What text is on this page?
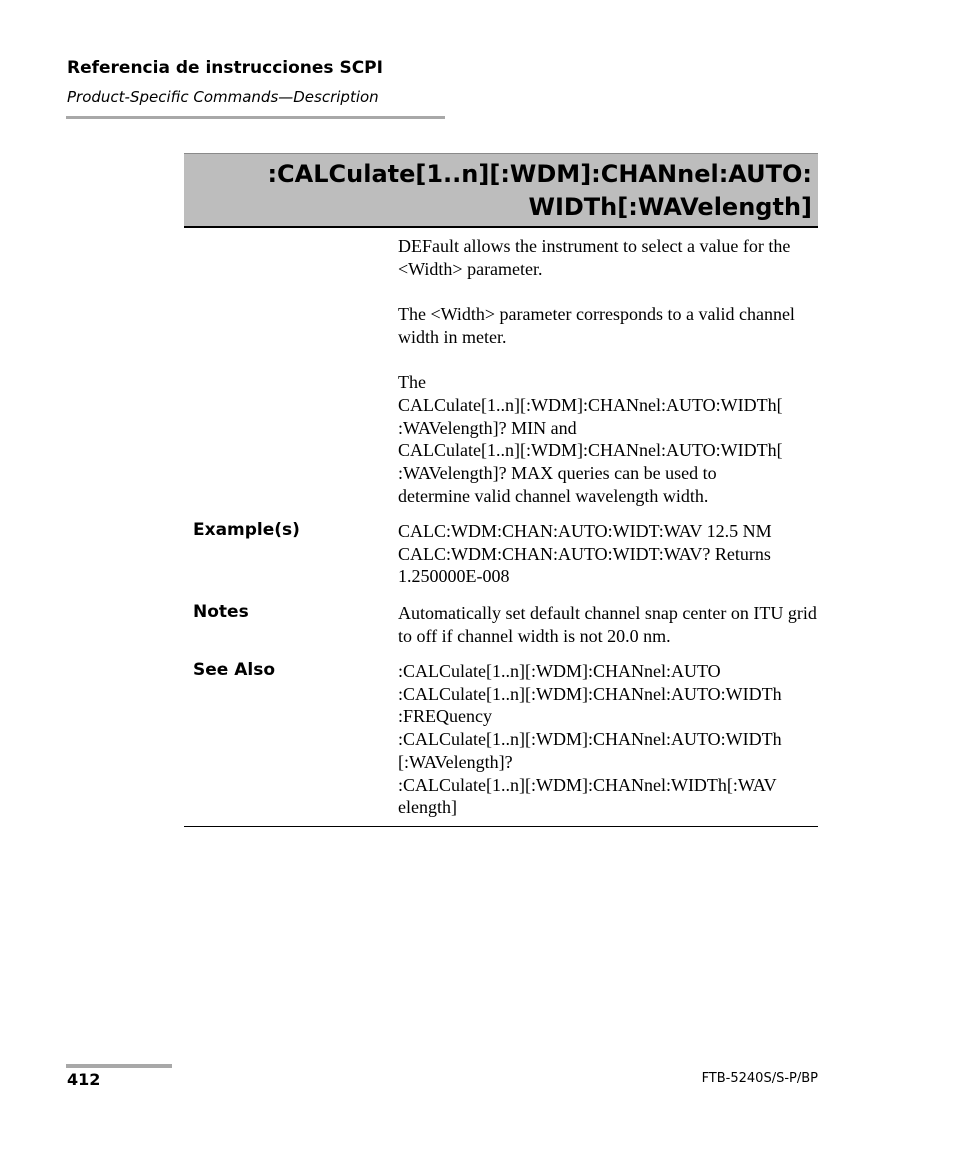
Referencia de instrucciones SCPI
Product-Specific Commands—Description
:CALCulate[1..n][:WDM]:CHANnel:AUTO:
WIDTh[:WAVelength]

DEFault allows the instrument to select a value for the <Width> parameter.

The <Width> parameter corresponds to a valid channel width in meter.

The
CALCulate[1..n][:WDM]:CHANnel:AUTO:WIDTh[
:WAVelength]? MIN and
CALCulate[1..n][:WDM]:CHANnel:AUTO:WIDTh[
:WAVelength]? MAX queries can be used to
determine valid channel wavelength width.
Example(s)	CALC:WDM:CHAN:AUTO:WIDT:WAV 12.5 NM
CALC:WDM:CHAN:AUTO:WIDT:WAV? Returns
1.250000E-008
Notes	Automatically set default channel snap center on ITU grid to off if channel width is not 20.0 nm.
See Also	:CALCulate[1..n][:WDM]:CHANnel:AUTO
:CALCulate[1..n][:WDM]:CHANnel:AUTO:WIDTh
:FREQuency
:CALCulate[1..n][:WDM]:CHANnel:AUTO:WIDTh
[:WAVelength]?
:CALCulate[1..n][:WDM]:CHANnel:WIDTh[:WAV
elength]
412	FTB-5240S/S-P/BP
